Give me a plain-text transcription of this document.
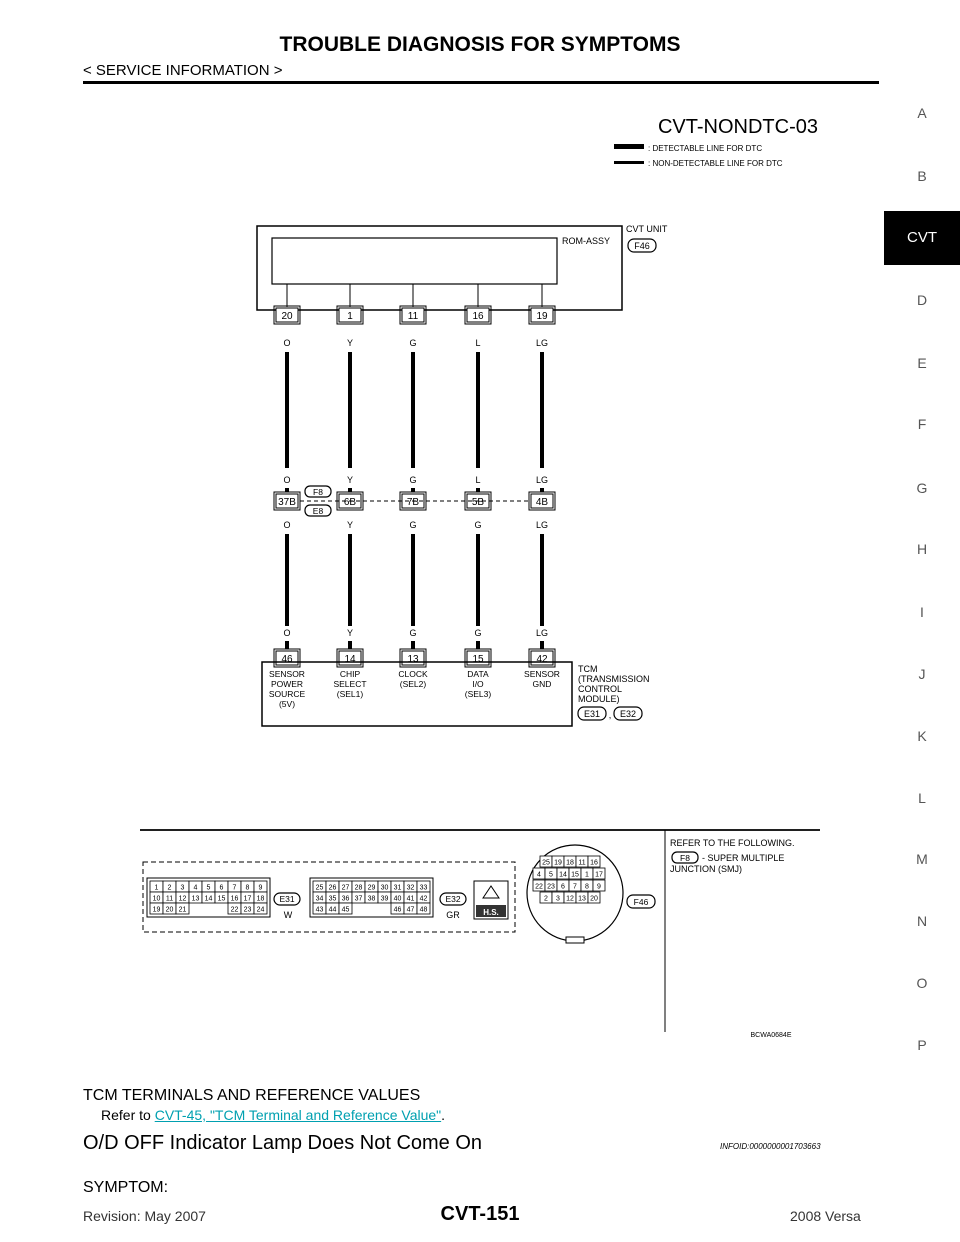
TROUBLE DIAGNOSIS FOR SYMPTOMS
< SERVICE INFORMATION >
A
B
CVT
D
E
F
G
H
I
J
K
L
M
N
O
P
CVT-NONDTC-03
: DETECTABLE LINE FOR DTC
: NON-DETECTABLE LINE FOR DTC
ROM-ASSY
CVT UNIT
F46
20
O
O
37B
O
O
46
SENSOR
POWER
SOURCE
(5V)
1
Y
Y
6B
Y
Y
14
CHIP
SELECT
(SEL1)
11
G
G
7B
G
G
13
CLOCK
(SEL2)
16
L
L
5B
G
G
15
DATA
I/O
(SEL3)
19
LG
LG
4B
LG
LG
42
SENSOR
GND
F8
E8
TCM
(TRANSMISSION
CONTROL
MODULE)
E31 , E32
REFER TO THE FOLLOWING.
F8 - SUPER MULTIPLE
JUNCTION (SMJ)
1 2 3 4 5 6 7 8 9
10 11 12 13 14 15 16 17 18
19 20 21	22 23 24
E31
W
25 26 27 28 29 30 31 32 33
34 35 36 37 38 39 40 41 42
43 44 45	46 47 48
E32
GR	H.S.
25 19 18 11 16
4 5 14 15 1 17
22 23 6 7 8 9
2 3 12 13 20	F46
BCWA0684E
TCM TERMINALS AND REFERENCE VALUES
Refer to CVT-45, "TCM Terminal and Reference Value".
O/D OFF Indicator Lamp Does Not Come On	INFOID:0000000001703663
SYMPTOM:
Revision: May 2007	CVT-151	2008 Versa
